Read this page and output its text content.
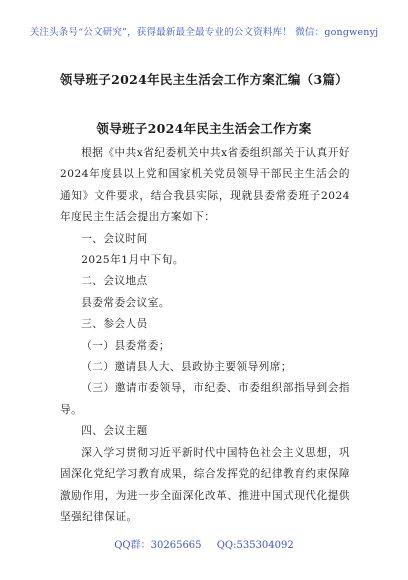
关注头条号“公文研究”，获得最新最全最专业的公文资料库！ 微信：gongwenyj
领导班子2024年民主生活会工作方案汇编（3篇）
领导班子2024年民主生活会工作方案

根据《中共x省纪委机关中共x省委组织部关于认真开好2024年度县以上党和国家机关党员领导干部民主生活会的通知》文件要求，结合我县实际，现就县委常委班子2024年度民主生活会提出方案如下：

一、会议时间

2025年1月中下旬。

二、会议地点

县委常委会议室。

三、参会人员

（一）县委常委；

（二）邀请县人大、县政协主要领导列席；

（三）邀请市委领导，市纪委、市委组织部指导到会指导。

四、会议主题

深入学习贯彻习近平新时代中国特色社会主义思想，巩固深化党纪学习教育成果，综合发挥党的纪律教育约束保障激励作用，为进一步全面深化改革、推进中国式现代化提供坚强纪律保证。

QQ群：30265665 QQ:535304092
